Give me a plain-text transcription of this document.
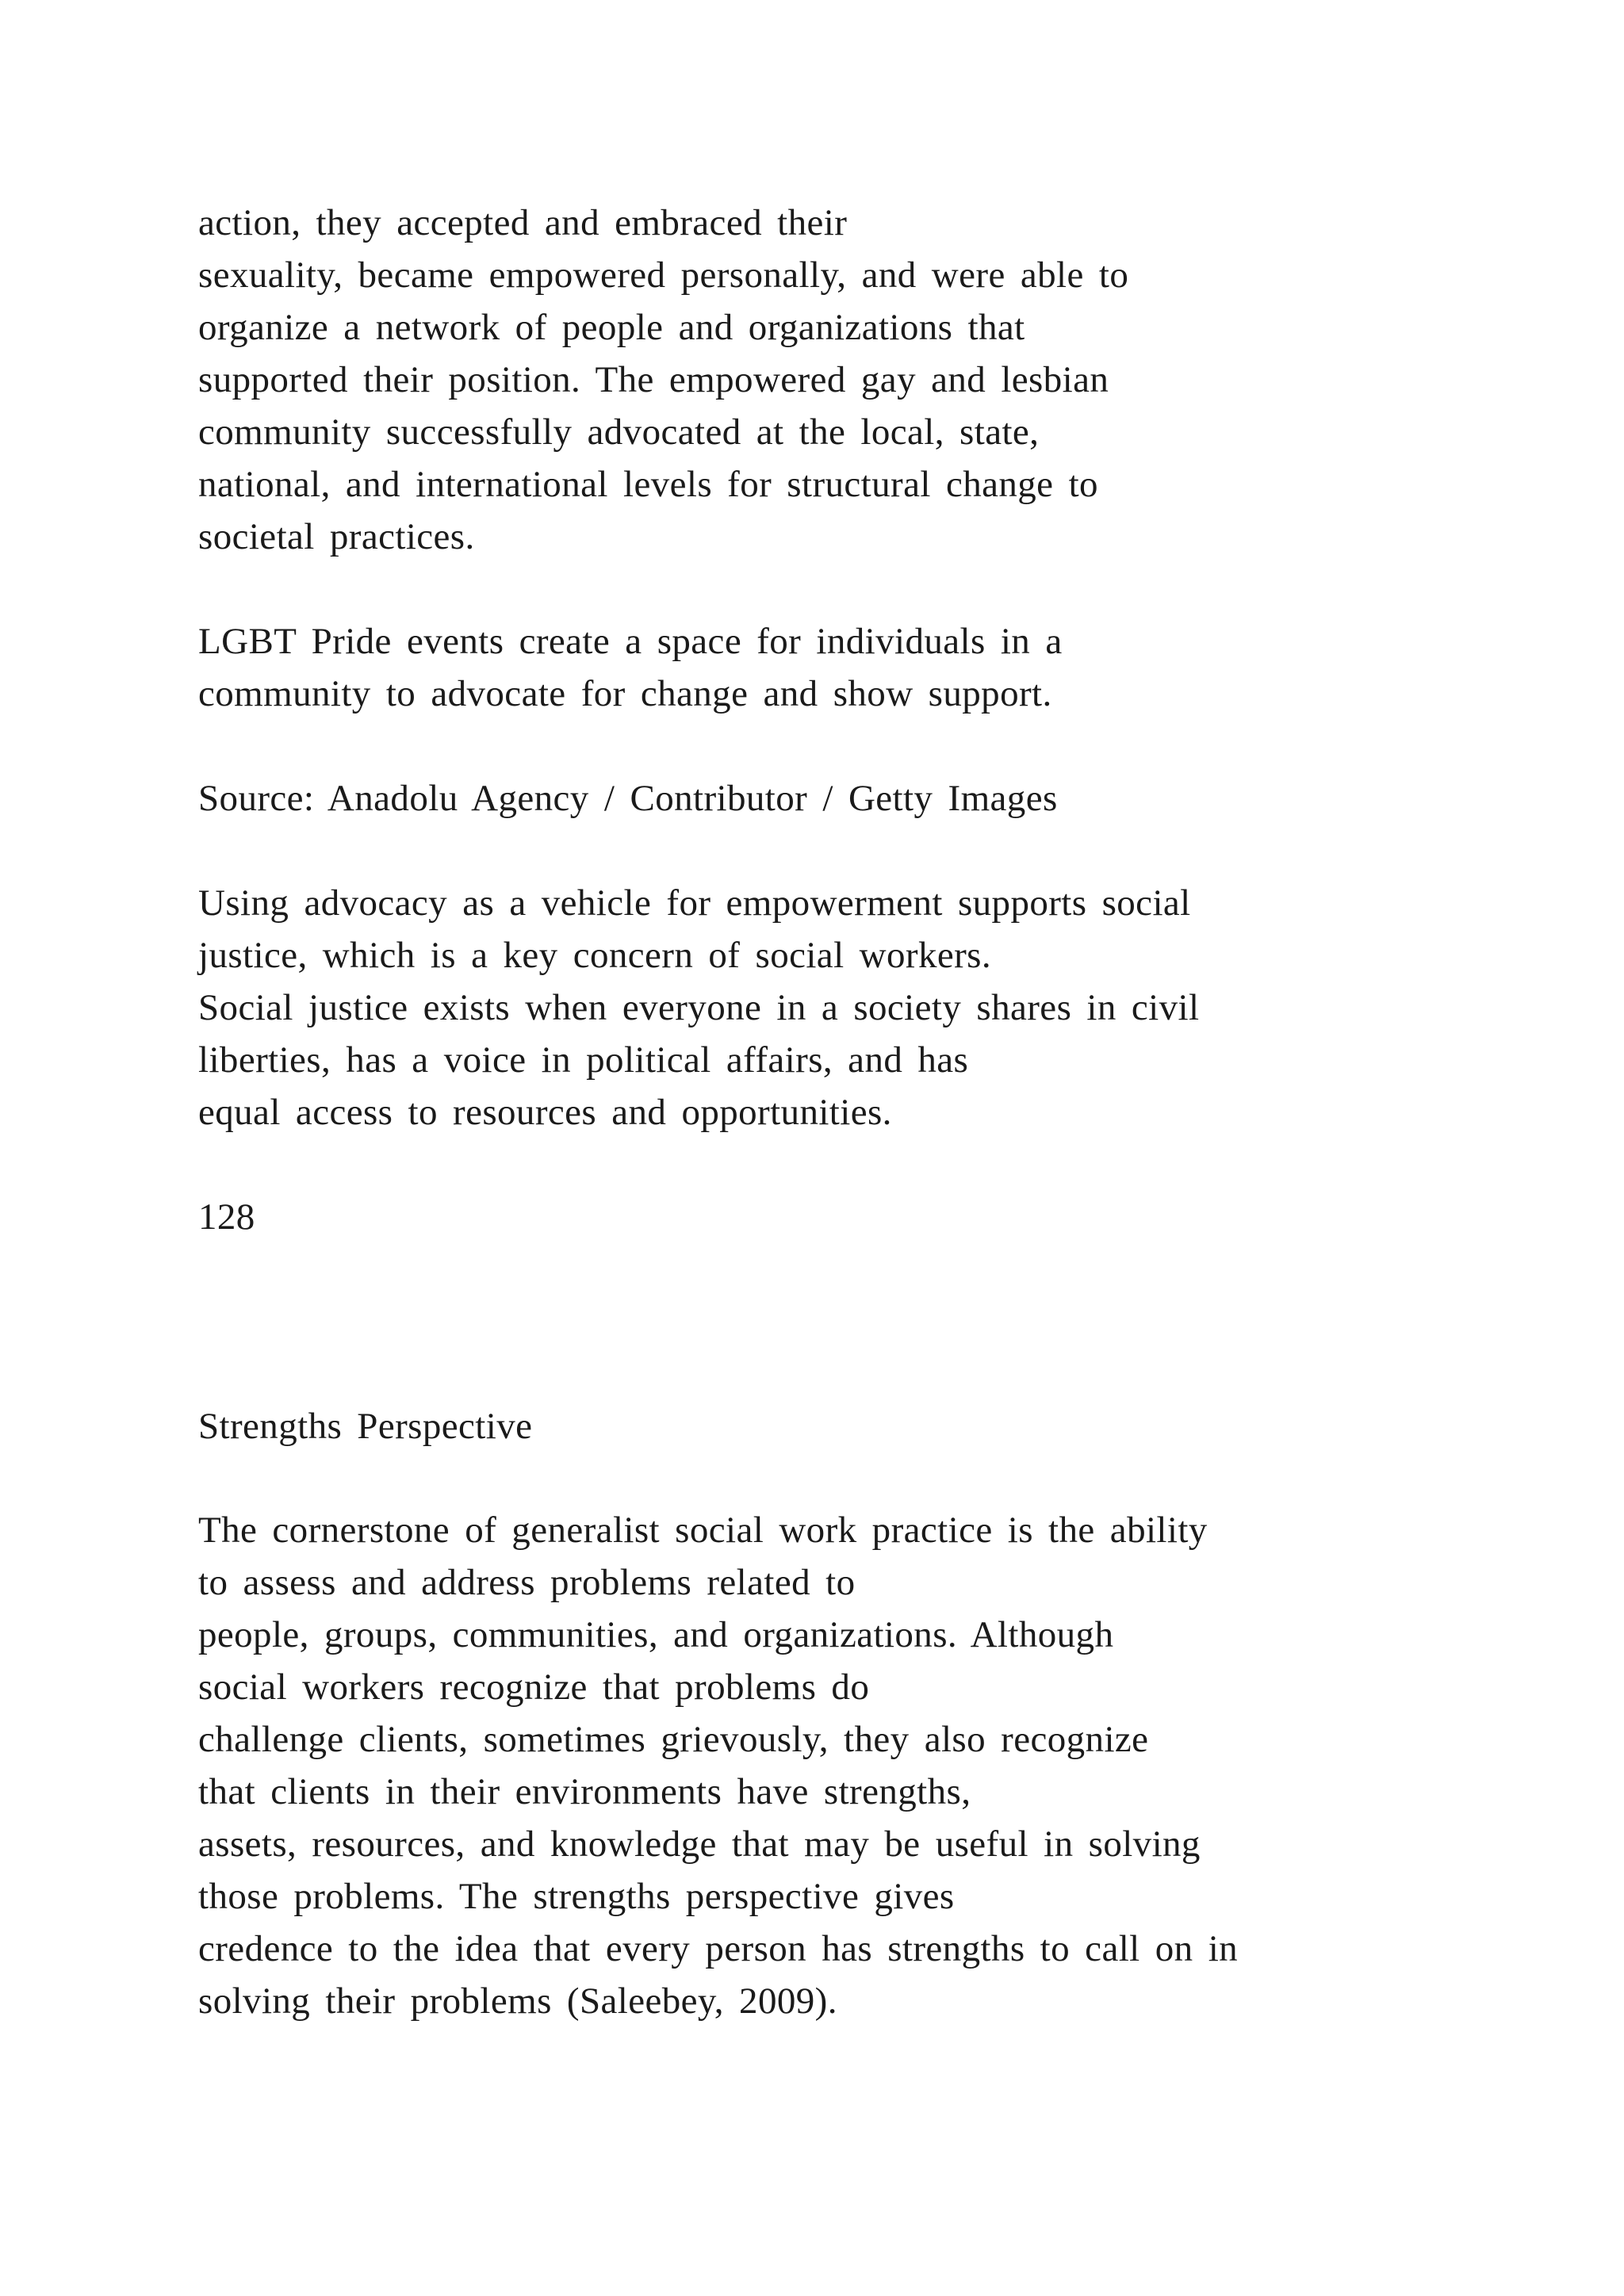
action, they accepted and embraced their
sexuality, became empowered personally, and were able to
organize a network of people and organizations that
supported their position. The empowered gay and lesbian
community successfully advocated at the local, state,
national, and international levels for structural change to
societal practices.
LGBT Pride events create a space for individuals in a
community to advocate for change and show support.
Source: Anadolu Agency / Contributor / Getty Images
Using advocacy as a vehicle for empowerment supports social
justice, which is a key concern of social workers.
Social justice exists when everyone in a society shares in civil
liberties, has a voice in political affairs, and has
equal access to resources and opportunities.
128
Strengths Perspective
The cornerstone of generalist social work practice is the ability
to assess and address problems related to
people, groups, communities, and organizations. Although
social workers recognize that problems do
challenge clients, sometimes grievously, they also recognize
that clients in their environments have strengths,
assets, resources, and knowledge that may be useful in solving
those problems. The strengths perspective gives
credence to the idea that every person has strengths to call on in
solving their problems (Saleebey, 2009).
